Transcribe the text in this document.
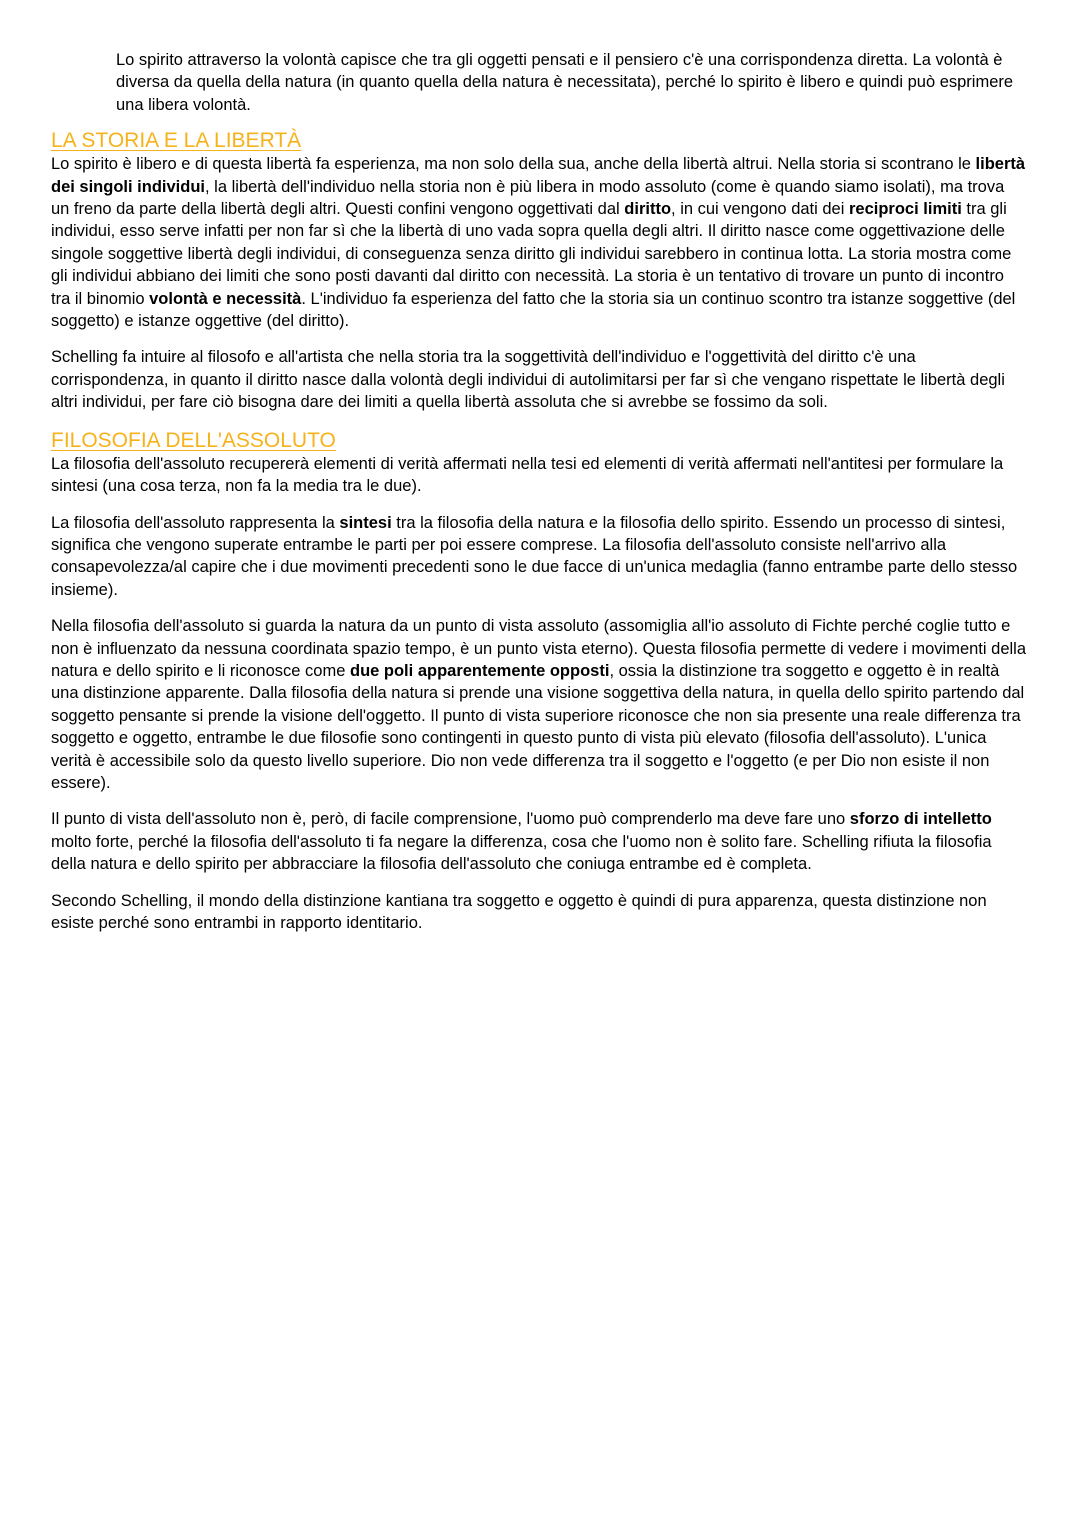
Lo spirito attraverso la volontà capisce che tra gli oggetti pensati e il pensiero c'è una corrispondenza diretta. La volontà è diversa da quella della natura (in quanto quella della natura è necessitata), perché lo spirito è libero e quindi può esprimere una libera volontà.

LA STORIA E LA LIBERTÀ

Lo spirito è libero e di questa libertà fa esperienza, ma non solo della sua, anche della libertà altrui. Nella storia si scontrano le libertà dei singoli individui, la libertà dell'individuo nella storia non è più libera in modo assoluto (come è quando siamo isolati), ma trova un freno da parte della libertà degli altri. Questi confini vengono oggettivati dal diritto, in cui vengono dati dei reciproci limiti tra gli individui, esso serve infatti per non far sì che la libertà di uno vada sopra quella degli altri. Il diritto nasce come oggettivazione delle singole soggettive libertà degli individui, di conseguenza senza diritto gli individui sarebbero in continua lotta. La storia mostra come gli individui abbiano dei limiti che sono posti davanti dal diritto con necessità. La storia è un tentativo di trovare un punto di incontro tra il binomio volontà e necessità. L'individuo fa esperienza del fatto che la storia sia un continuo scontro tra istanze soggettive (del soggetto) e istanze oggettive (del diritto).

Schelling fa intuire al filosofo e all'artista che nella storia tra la soggettività dell'individuo e l'oggettività del diritto c'è una corrispondenza, in quanto il diritto nasce dalla volontà degli individui di autolimitarsi per far sì che vengano rispettate le libertà degli altri individui, per fare ciò bisogna dare dei limiti a quella libertà assoluta che si avrebbe se fossimo da soli.

FILOSOFIA DELL'ASSOLUTO

La filosofia dell'assoluto recupererà elementi di verità affermati nella tesi ed elementi di verità affermati nell'antitesi per formulare la sintesi (una cosa terza, non fa la media tra le due).

La filosofia dell'assoluto rappresenta la sintesi tra la filosofia della natura e la filosofia dello spirito. Essendo un processo di sintesi, significa che vengono superate entrambe le parti per poi essere comprese. La filosofia dell'assoluto consiste nell'arrivo alla consapevolezza/al capire che i due movimenti precedenti sono le due facce di un'unica medaglia (fanno entrambe parte dello stesso insieme).

Nella filosofia dell'assoluto si guarda la natura da un punto di vista assoluto (assomiglia all'io assoluto di Fichte perché coglie tutto e non è influenzato da nessuna coordinata spazio tempo, è un punto vista eterno). Questa filosofia permette di vedere i movimenti della natura e dello spirito e li riconosce come due poli apparentemente opposti, ossia la distinzione tra soggetto e oggetto è in realtà una distinzione apparente. Dalla filosofia della natura si prende una visione soggettiva della natura, in quella dello spirito partendo dal soggetto pensante si prende la visione dell'oggetto. Il punto di vista superiore riconosce che non sia presente una reale differenza tra soggetto e oggetto, entrambe le due filosofie sono contingenti in questo punto di vista più elevato (filosofia dell'assoluto). L'unica verità è accessibile solo da questo livello superiore. Dio non vede differenza tra il soggetto e l'oggetto (e per Dio non esiste il non essere).

Il punto di vista dell'assoluto non è, però, di facile comprensione, l'uomo può comprenderlo ma deve fare uno sforzo di intelletto molto forte, perché la filosofia dell'assoluto ti fa negare la differenza, cosa che l'uomo non è solito fare. Schelling rifiuta la filosofia della natura e dello spirito per abbracciare la filosofia dell'assoluto che coniuga entrambe ed è completa.

Secondo Schelling, il mondo della distinzione kantiana tra soggetto e oggetto è quindi di pura apparenza, questa distinzione non esiste perché sono entrambi in rapporto identitario.
